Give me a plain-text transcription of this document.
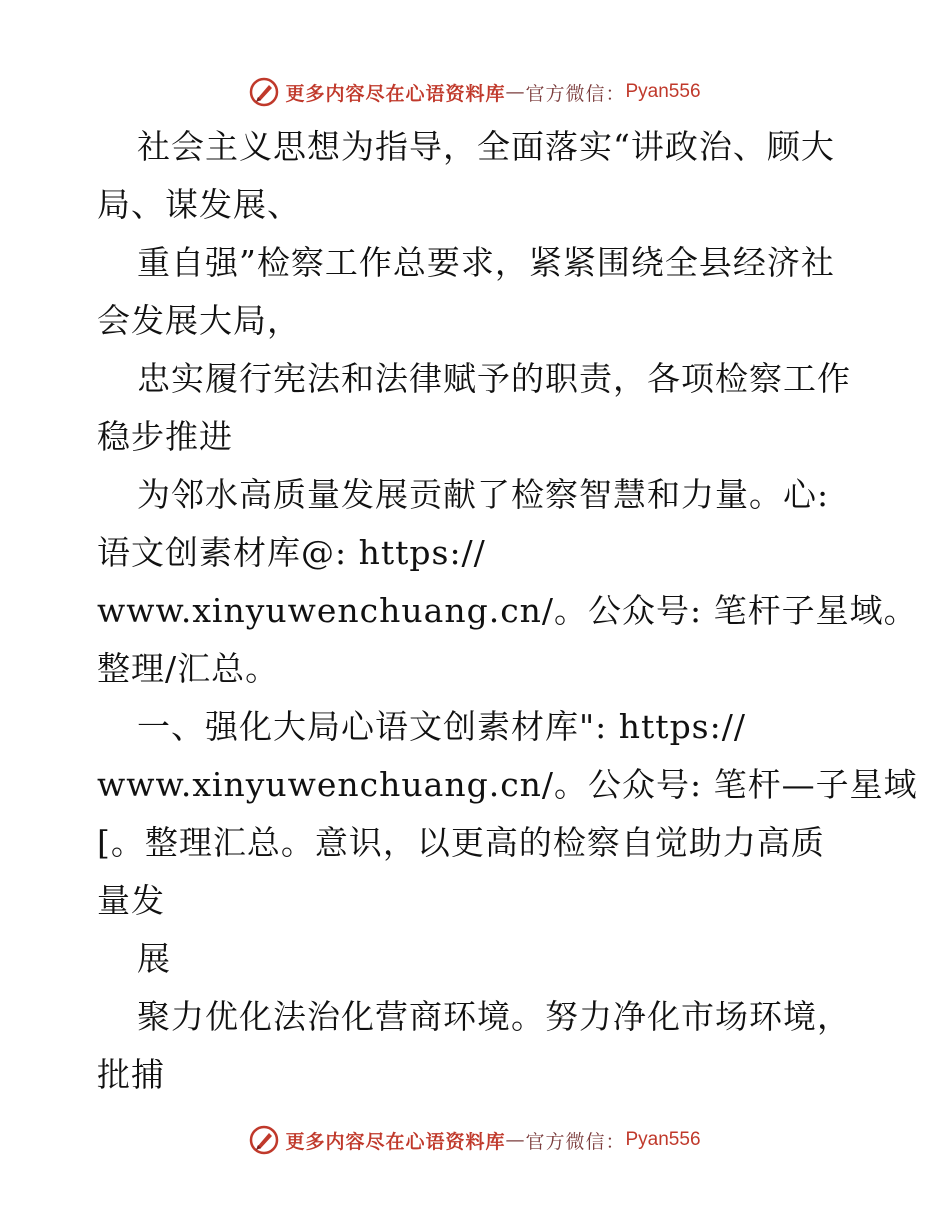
更多内容尽在心语资料库 — 官方微信： Pyan556
社会主义思想为指导，全面落实“讲政治、顾大
局、谋发展、
重自强”检察工作总要求，紧紧围绕全县经济社
会发展大局，
忠实履行宪法和法律赋予的职责，各项检察工作
稳步推进
为邻水高质量发展贡献了检察智慧和力量。心:
语文创素材库@: https://
www.xinyuwenchuang.cn/。公众号: 笔杆子星域。
整理/汇总。
一、强化大局心语文创素材库": https://
www.xinyuwenchuang.cn/。公众号: 笔杆—子星域
[。整理汇总。意识，以更高的检察自觉助力高质
量发
展
聚力优化法治化营商环境。努力净化市场环境，
批捕
更多内容尽在心语资料库 — 官方微信： Pyan556
